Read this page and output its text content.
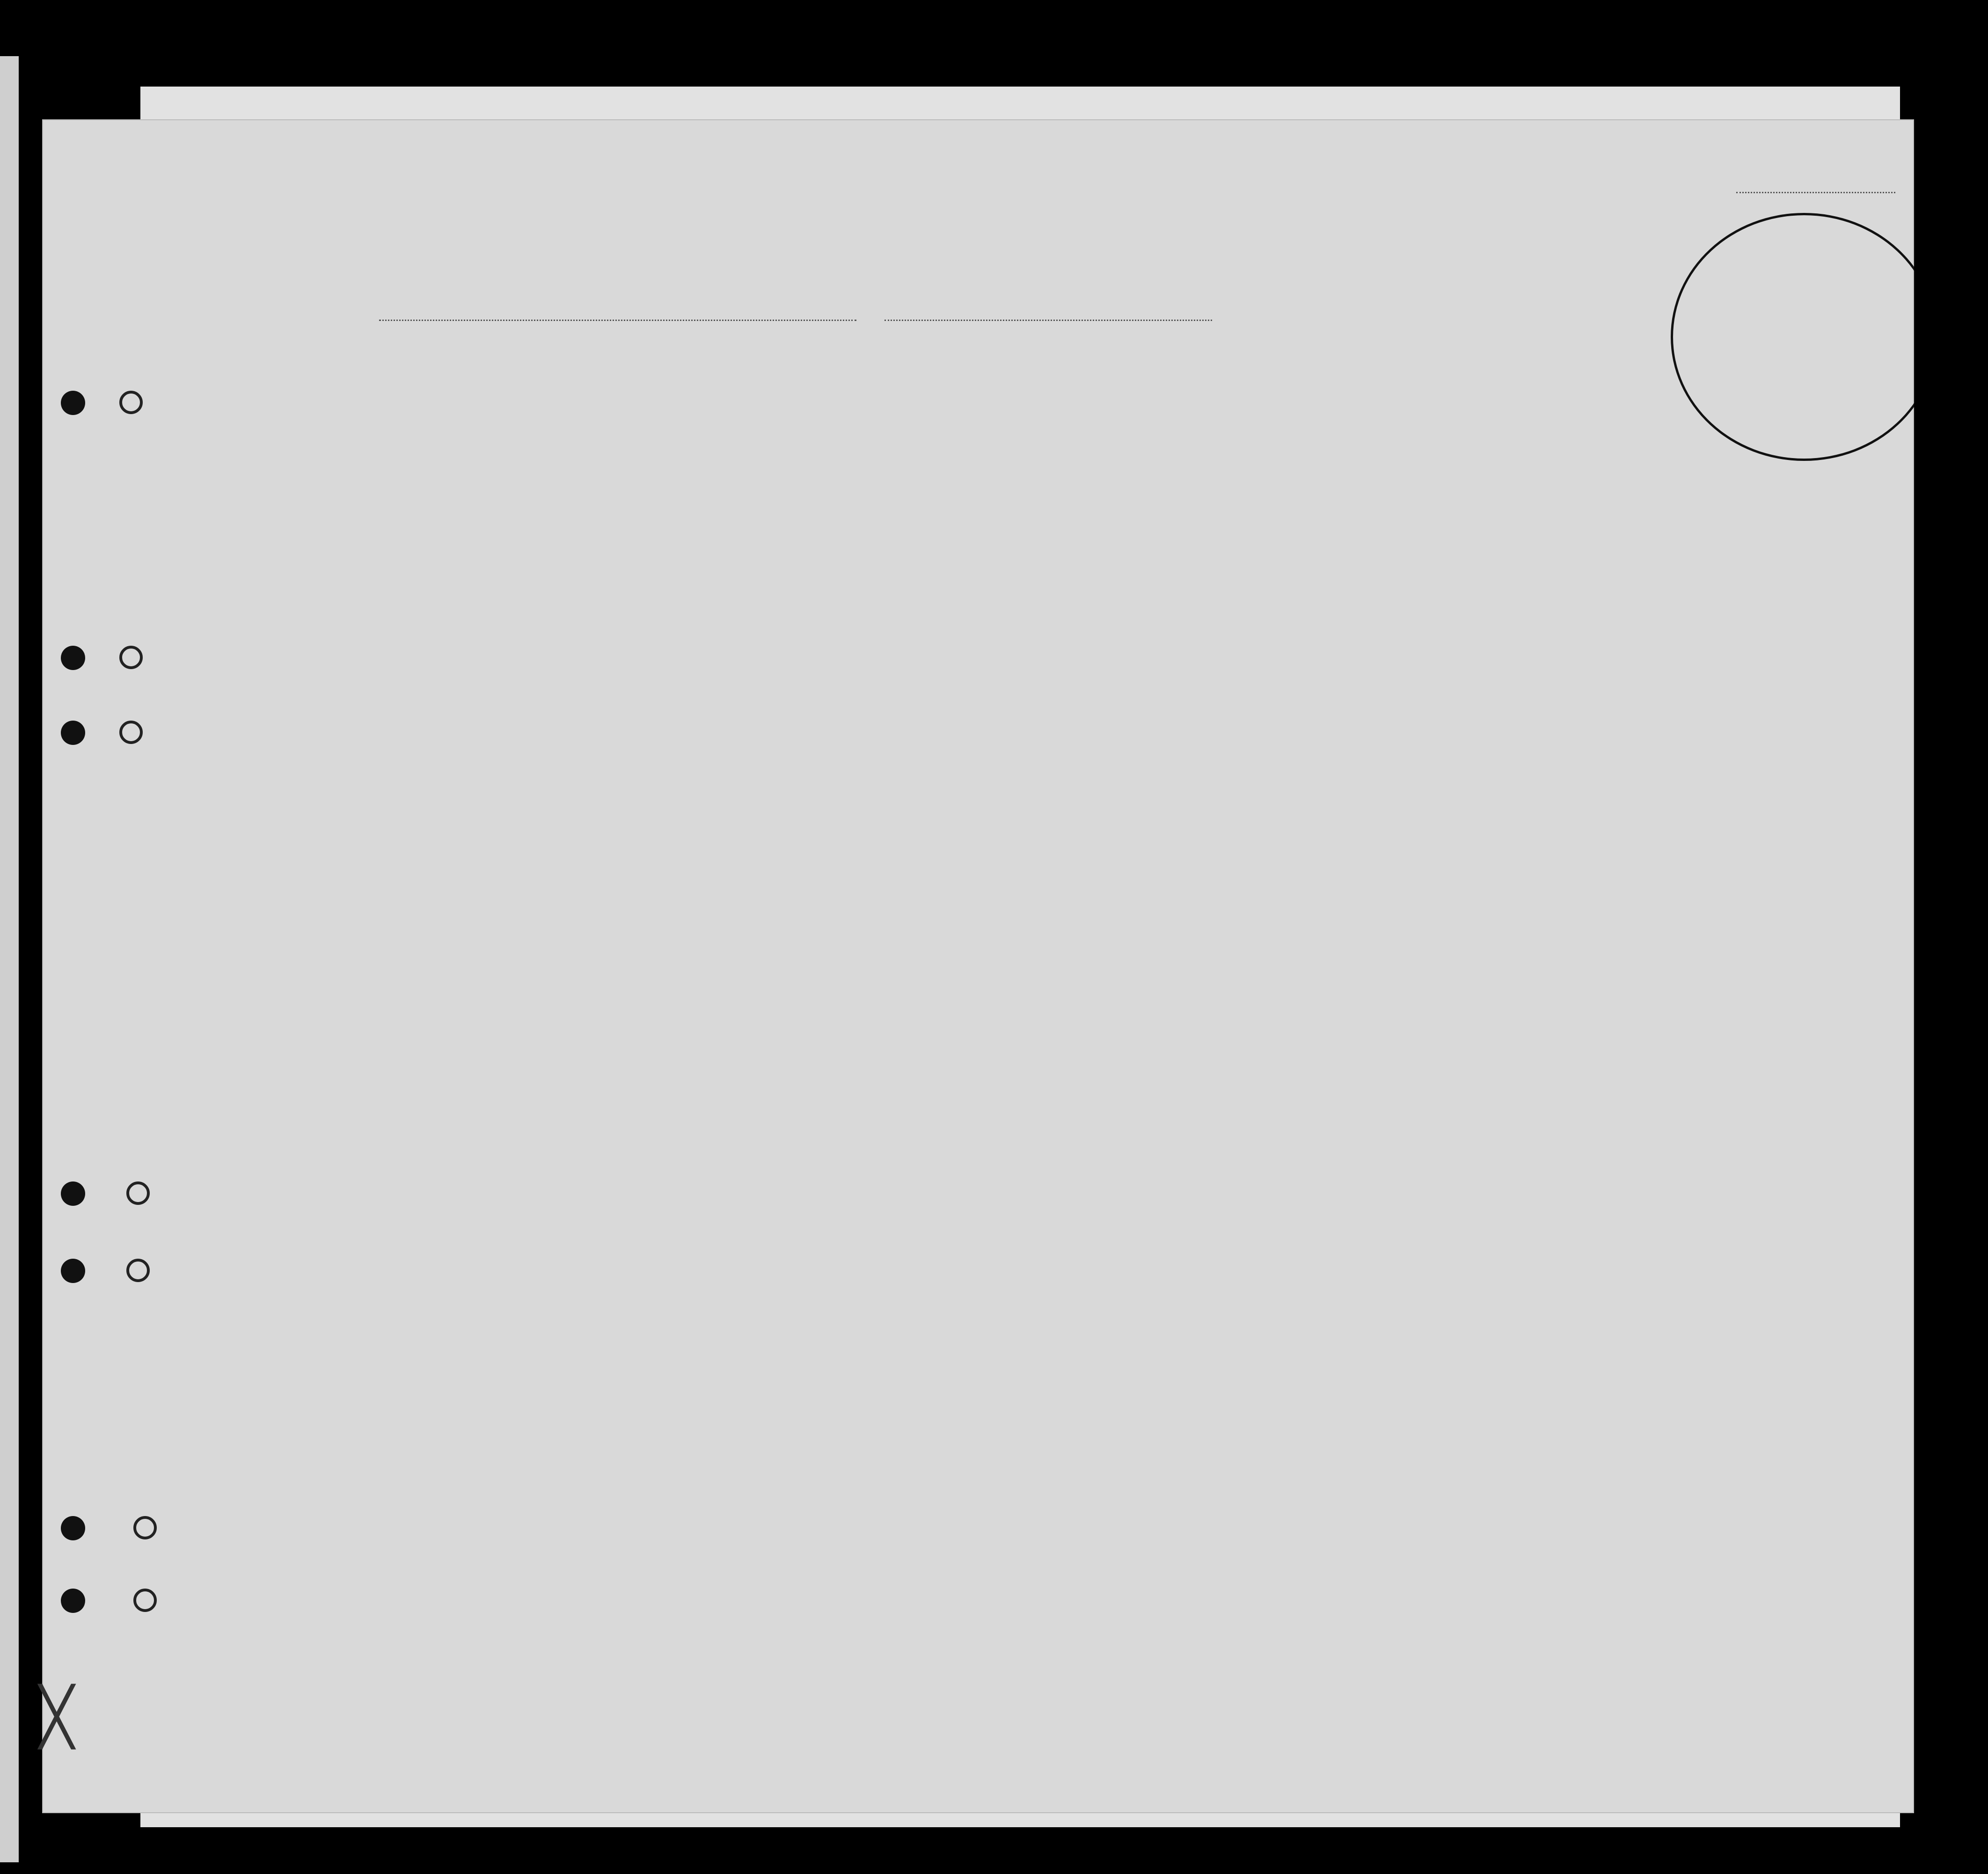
╳
